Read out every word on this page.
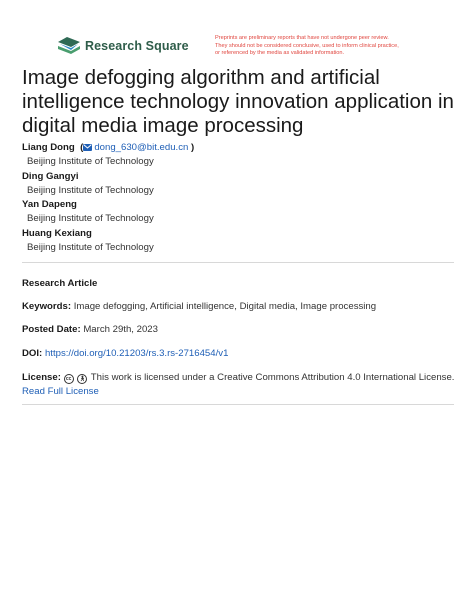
Research Square
Preprints are preliminary reports that have not undergone peer review.
They should not be considered conclusive, used to inform clinical practice,
or referenced by the media as validated information.
Image defogging algorithm and artificial intelligence technology innovation application in digital media image processing
Liang Dong  ( dong_630@bit.edu.cn )
Beijing Institute of Technology
Ding Gangyi
Beijing Institute of Technology
Yan Dapeng
Beijing Institute of Technology
Huang Kexiang
Beijing Institute of Technology
Research Article
Keywords: Image defogging, Artificial intelligence, Digital media, Image processing
Posted Date: March 29th, 2023
DOI: https://doi.org/10.21203/rs.3.rs-2716454/v1
License: cc 🚶︎ This work is licensed under a Creative Commons Attribution 4.0 International License.
Read Full License
